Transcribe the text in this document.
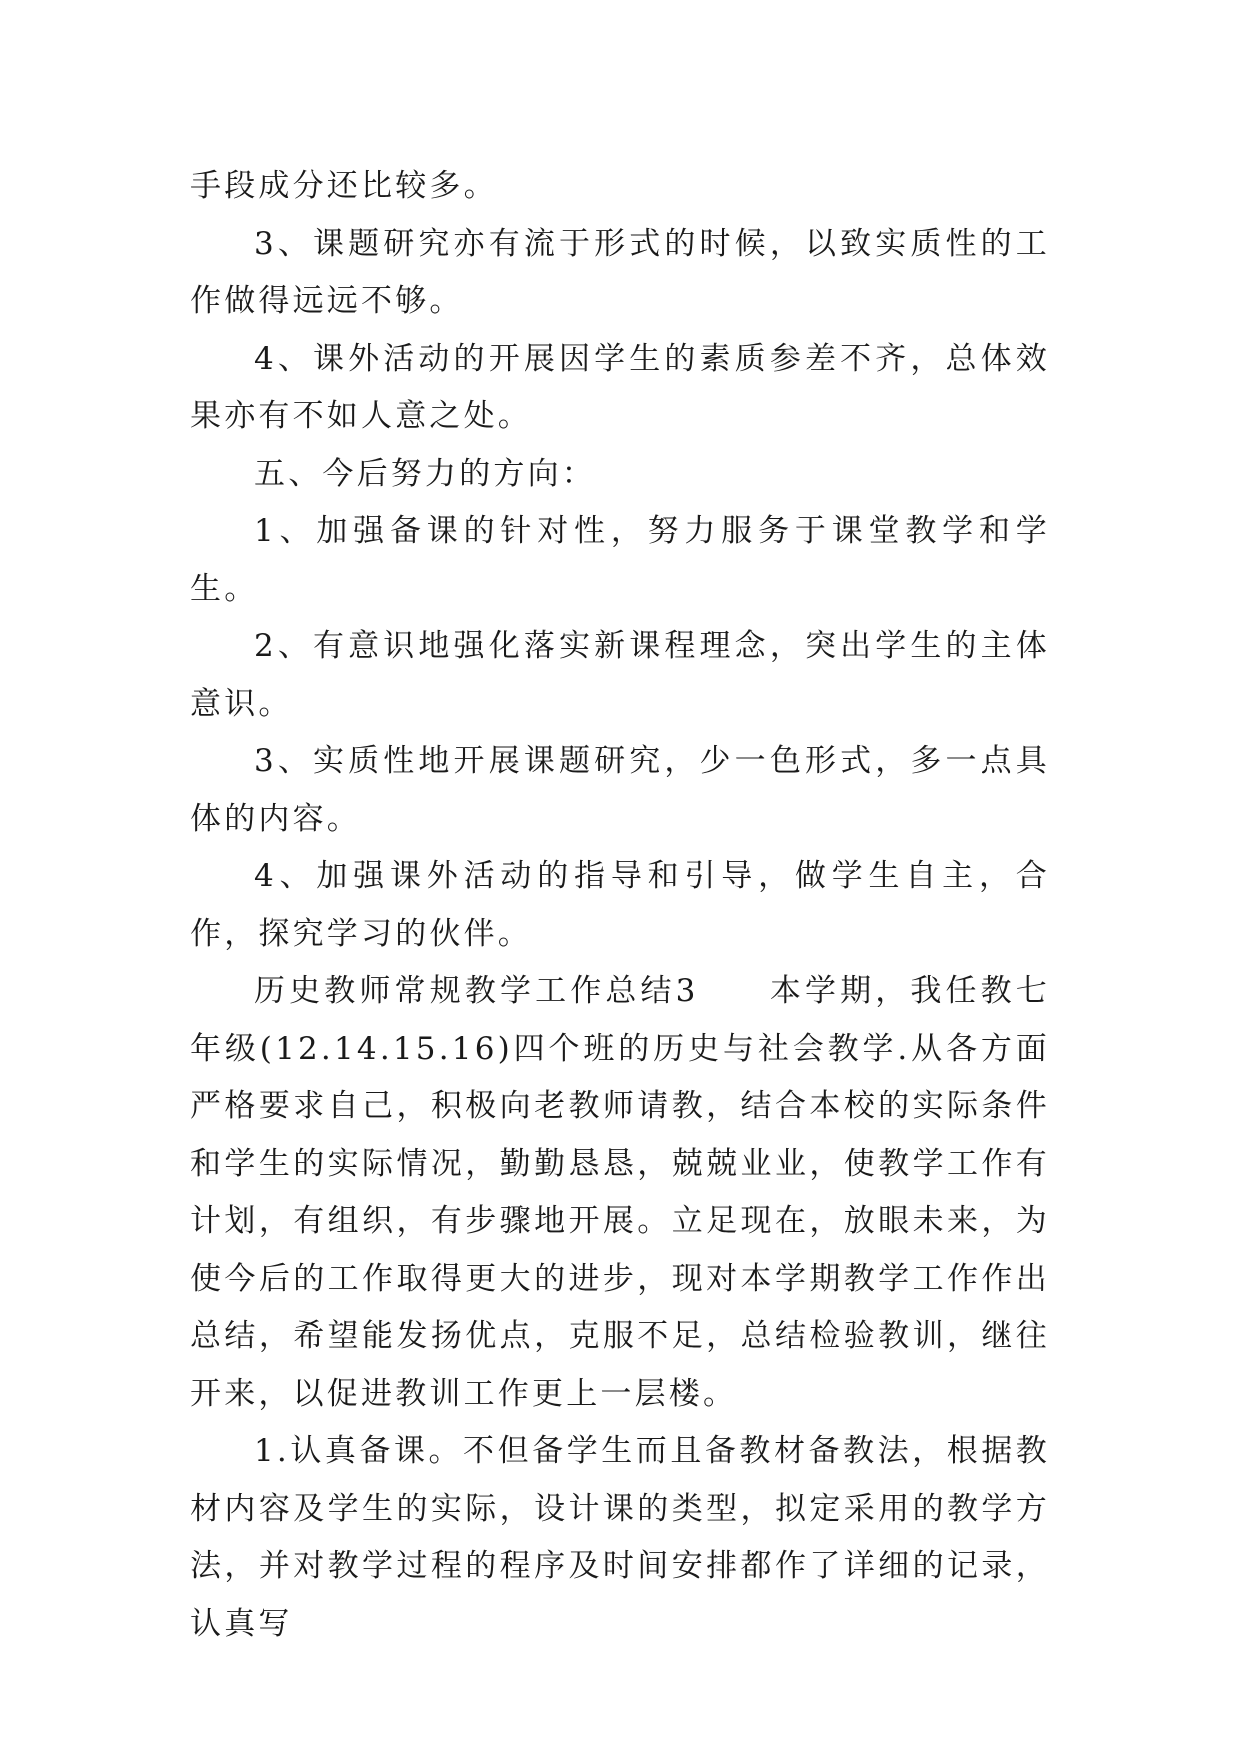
手段成分还比较多。

3、课题研究亦有流于形式的时候，以致实质性的工作做得远远不够。

4、课外活动的开展因学生的素质参差不齐，总体效果亦有不如人意之处。

五、今后努力的方向：

1、加强备课的针对性，努力服务于课堂教学和学生。

2、有意识地强化落实新课程理念，突出学生的主体意识。

3、实质性地开展课题研究，少一色形式，多一点具体的内容。

4、加强课外活动的指导和引导，做学生自主，合作，探究学习的伙伴。

历史教师常规教学工作总结3　　本学期，我任教七年级(12.14.15.16)四个班的历史与社会教学.从各方面严格要求自己，积极向老教师请教，结合本校的实际条件和学生的实际情况，勤勤恳恳，兢兢业业，使教学工作有计划，有组织，有步骤地开展。立足现在，放眼未来，为使今后的工作取得更大的进步，现对本学期教学工作作出总结，希望能发扬优点，克服不足，总结检验教训，继往开来，以促进教训工作更上一层楼。

1.认真备课。不但备学生而且备教材备教法，根据教材内容及学生的实际，设计课的类型，拟定采用的教学方法，并对教学过程的程序及时间安排都作了详细的记录，认真写
